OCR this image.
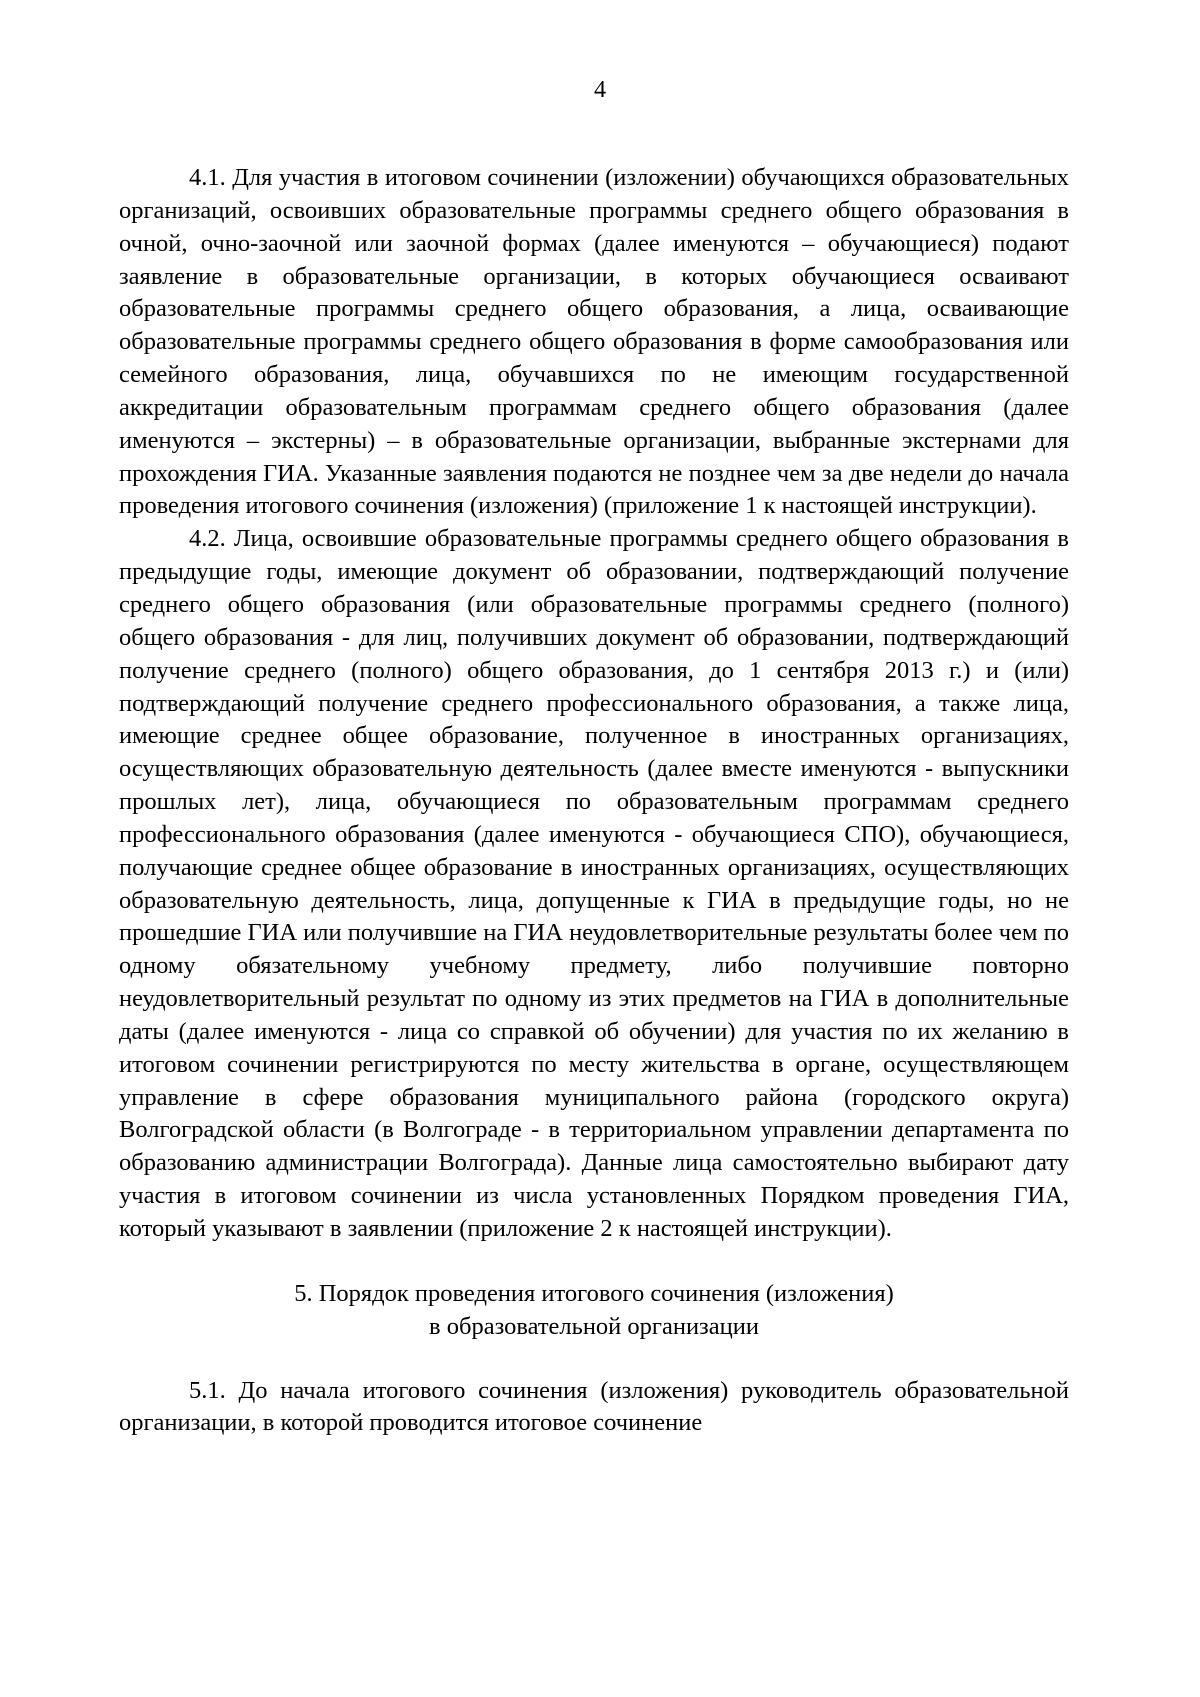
4

4.1. Для участия в итоговом сочинении (изложении) обучающихся образовательных организаций, освоивших образовательные программы среднего общего образования в очной, очно-заочной или заочной формах (далее именуются – обучающиеся) подают заявление в образовательные организации, в которых обучающиеся осваивают образовательные программы среднего общего образования, а лица, осваивающие образовательные программы среднего общего образования в форме самообразования или семейного образования, лица, обучавшихся по не имеющим государственной аккредитации образовательным программам среднего общего образования (далее именуются – экстерны) – в образовательные организации, выбранные экстернами для прохождения ГИА. Указанные заявления подаются не позднее чем за две недели до начала проведения итогового сочинения (изложения) (приложение 1 к настоящей инструкции).

4.2. Лица, освоившие образовательные программы среднего общего образования в предыдущие годы, имеющие документ об образовании, подтверждающий получение среднего общего образования (или образовательные программы среднего (полного) общего образования - для лиц, получивших документ об образовании, подтверждающий получение среднего (полного) общего образования, до 1 сентября 2013 г.) и (или) подтверждающий получение среднего профессионального образования, а также лица, имеющие среднее общее образование, полученное в иностранных организациях, осуществляющих образовательную деятельность (далее вместе именуются - выпускники прошлых лет), лица, обучающиеся по образовательным программам среднего профессионального образования (далее именуются - обучающиеся СПО), обучающиеся, получающие среднее общее образование в иностранных организациях, осуществляющих образовательную деятельность, лица, допущенные к ГИА в предыдущие годы, но не прошедшие ГИА или получившие на ГИА неудовлетворительные результаты более чем по одному обязательному учебному предмету, либо получившие повторно неудовлетворительный результат по одному из этих предметов на ГИА в дополнительные даты (далее именуются - лица со справкой об обучении) для участия по их желанию в итоговом сочинении регистрируются по месту жительства в органе, осуществляющем управление в сфере образования муниципального района (городского округа) Волгоградской области (в Волгограде - в территориальном управлении департамента по образованию администрации Волгограда). Данные лица самостоятельно выбирают дату участия в итоговом сочинении из числа установленных Порядком проведения ГИА, который указывают в заявлении (приложение 2 к настоящей инструкции).

5. Порядок проведения итогового сочинения (изложения)
в образовательной организации

5.1. До начала итогового сочинения (изложения) руководитель образовательной организации, в которой проводится итоговое сочинение
